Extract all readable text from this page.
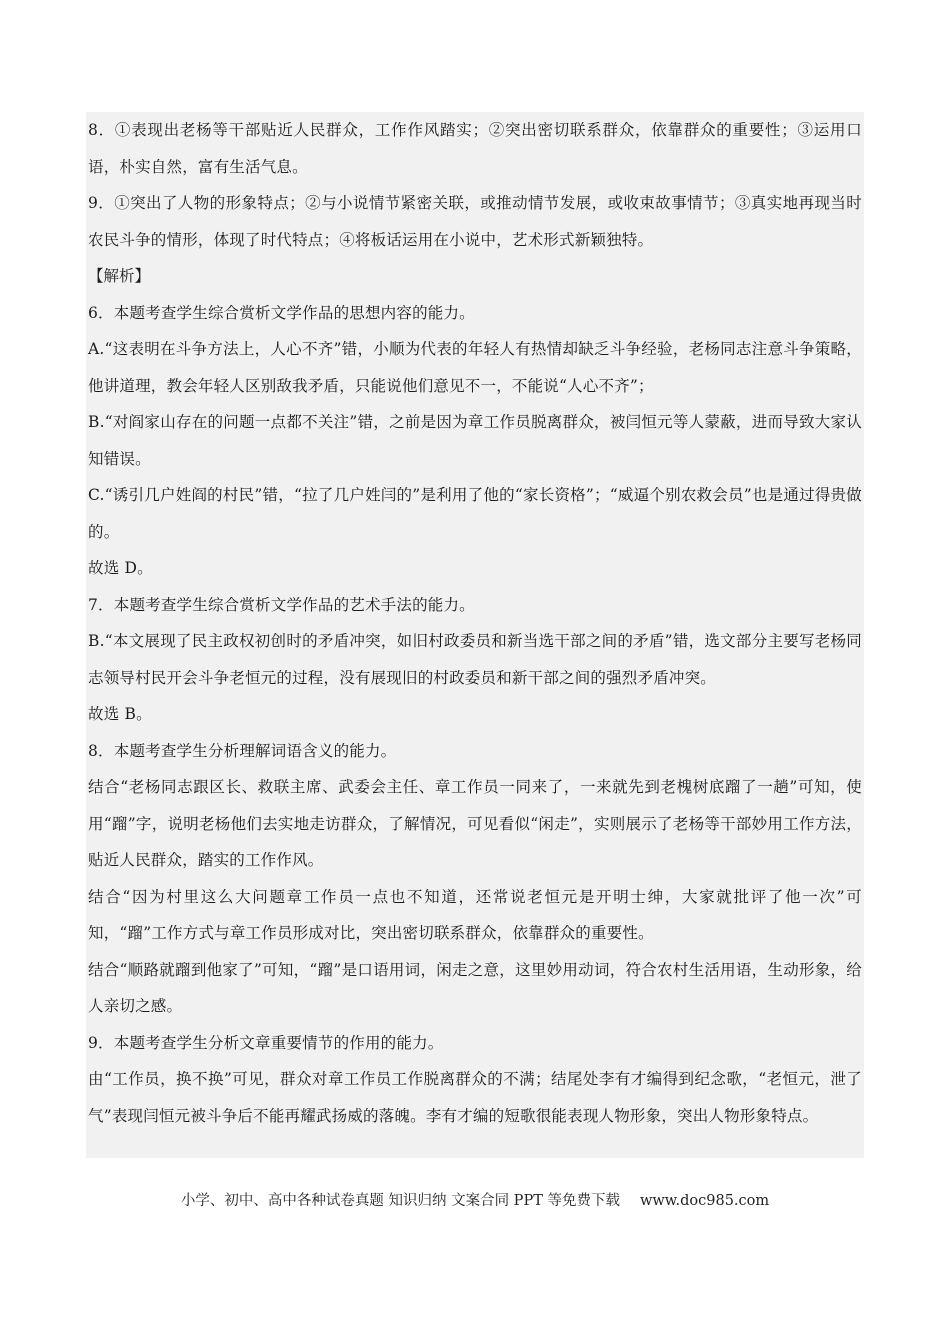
8．①表现出老杨等干部贴近人民群众，工作作风踏实；②突出密切联系群众，依靠群众的重要性；③运用口语，朴实自然，富有生活气息。

9．①突出了人物的形象特点；②与小说情节紧密关联，或推动情节发展，或收束故事情节；③真实地再现当时农民斗争的情形，体现了时代特点；④将板话运用在小说中，艺术形式新颖独特。

【解析】

6．本题考查学生综合赏析文学作品的思想内容的能力。

A.“这表明在斗争方法上，人心不齐”错，小顺为代表的年轻人有热情却缺乏斗争经验，老杨同志注意斗争策略，他讲道理，教会年轻人区别敌我矛盾，只能说他们意见不一，不能说“人心不齐”；

B.“对阎家山存在的问题一点都不关注”错，之前是因为章工作员脱离群众，被闫恒元等人蒙蔽，进而导致大家认知错误。

C.“诱引几户姓阎的村民”错，“拉了几户姓闫的”是利用了他的“家长资格”；“威逼个别农救会员”也是通过得贵做的。

故选 D。

7．本题考查学生综合赏析文学作品的艺术手法的能力。

B.“本文展现了民主政权初创时的矛盾冲突，如旧村政委员和新当选干部之间的矛盾”错，选文部分主要写老杨同志领导村民开会斗争老恒元的过程，没有展现旧的村政委员和新干部之间的强烈矛盾冲突。

故选 B。

8．本题考查学生分析理解词语含义的能力。

结合“老杨同志跟区长、救联主席、武委会主任、章工作员一同来了，一来就先到老槐树底蹓了一趟”可知，使用“蹓”字，说明老杨他们去实地走访群众，了解情况，可见看似“闲走”，实则展示了老杨等干部妙用工作方法，贴近人民群众，踏实的工作作风。

结合“因为村里这么大问题章工作员一点也不知道，还常说老恒元是开明士绅，大家就批评了他一次”可知，“蹓”工作方式与章工作员形成对比，突出密切联系群众，依靠群众的重要性。

结合“顺路就蹓到他家了”可知，“蹓”是口语用词，闲走之意，这里妙用动词，符合农村生活用语，生动形象，给人亲切之感。

9．本题考查学生分析文章重要情节的作用的能力。

由“工作员，换不换”可见，群众对章工作员工作脱离群众的不满；结尾处李有才编得到纪念歌，“老恒元，泄了气”表现闫恒元被斗争后不能再耀武扬威的落魄。李有才编的短歌很能表现人物形象，突出人物形象特点。

小学、初中、高中各种试卷真题 知识归纳 文案合同 PPT 等免费下载 www.doc985.com
